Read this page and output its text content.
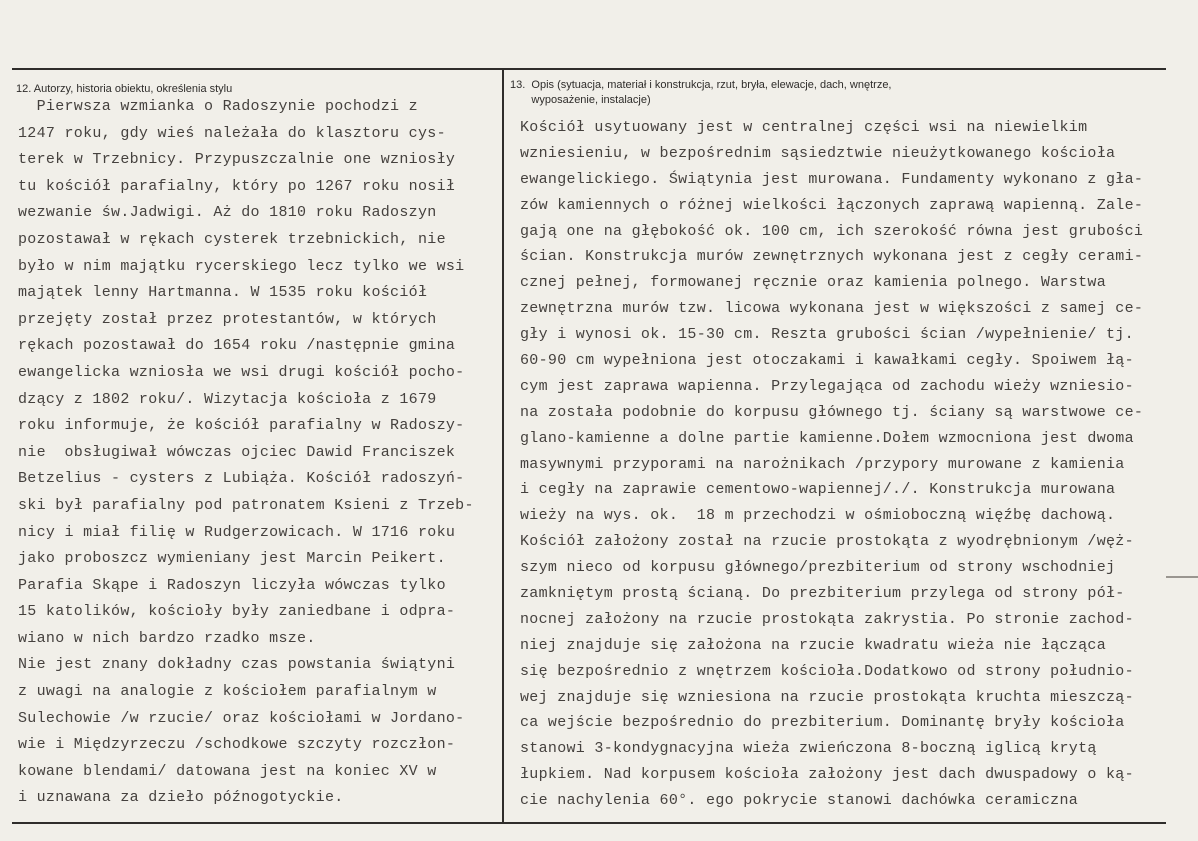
12. Autorzy, historia obiektu, określenia stylu

Pierwsza wzmianka o Radoszynie pochodzi z
1247 roku, gdy wieś należała do klasztoru cys-
terek w Trzebnicy. Przypuszczalnie one wzniosły
tu kościół parafialny, który po 1267 roku nosił
wezwanie św.Jadwigi. Aż do 1810 roku Radoszyn
pozostawał w rękach cysterek trzebnickich, nie
było w nim majątku rycerskiego lecz tylko we wsi
majątek lenny Hartmanna. W 1535 roku kościół
przejęty został przez protestantów, w których
rękach pozostawał do 1654 roku /następnie gmina
ewangelicka wzniosła we wsi drugi kościół pocho-
dzący z 1802 roku/. Wizytacja kościoła z 1679
roku informuje, że kościół parafialny w Radoszy-
nie  obsługiwał wówczas ojciec Dawid Franciszek
Betzelius - cysters z Lubiąża. Kościół radoszyń-
ski był parafialny pod patronatem Ksieni z Trzeb-
nicy i miał filię w Rudgerzowicach. W 1716 roku
jako proboszcz wymieniany jest Marcin Peikert.
Parafia Skąpe i Radoszyn liczyła wówczas tylko
15 katolików, kościoły były zaniedbane i odpra-
wiano w nich bardzo rzadko msze.
Nie jest znany dokładny czas powstania świątyni
z uwagi na analogie z kościołem parafialnym w
Sulechowie /w rzucie/ oraz kościołami w Jordano-
wie i Międzyrzeczu /schodkowe szczyty rozczłon-
kowane blendami/ datowana jest na koniec XV w
i uznawana za dzieło późnogotyckie.
13.  Opis (sytuacja, materiał i konstrukcja, rzut, bryła, elewacje, dach, wnętrze,
wyposażenie, instalacje)
Kościół usytuowany jest w centralnej części wsi na niewielkim
wzniesieniu, w bezpośrednim sąsiedztwie nieużytkowanego kościoła
ewangelickiego. Świątynia jest murowana. Fundamenty wykonano z gła-
zów kamiennych o różnej wielkości łączonych zaprawą wapienną. Zale-
gają one na głębokość ok. 100 cm, ich szerokość równa jest grubości
ścian. Konstrukcja murów zewnętrznych wykonana jest z cegły cerami-
cznej pełnej, formowanej ręcznie oraz kamienia polnego. Warstwa
zewnętrzna murów tzw. licowa wykonana jest w większości z samej ce-
gły i wynosi ok. 15-30 cm. Reszta grubości ścian /wypełnienie/ tj.
60-90 cm wypełniona jest otoczakami i kawałkami cegły. Spoiwem łą-
cym jest zaprawa wapienna. Przylegająca od zachodu wieży wzniesio-
na została podobnie do korpusu głównego tj. ściany są warstwowe ce-
glano-kamienne a dolne partie kamienne.Dołem wzmocniona jest dwoma
masywnymi przyporami na narożnikach /przypory murowane z kamienia
i cegły na zaprawie cementowo-wapiennej/./. Konstrukcja murowana
wieży na wys. ok.  18 m przechodzi w ośmioboczną więźbę dachową.
Kościół założony został na rzucie prostokąta z wyodrębnionym /węż-
szym nieco od korpusu głównego/prezbiterium od strony wschodniej
zamkniętym prostą ścianą. Do prezbiterium przylega od strony pół-
nocnej założony na rzucie prostokąta zakrystia. Po stronie zachod-
niej znajduje się założona na rzucie kwadratu wieża nie łącząca
się bezpośrednio z wnętrzem kościoła.Dodatkowo od strony południo-
wej znajduje się wzniesiona na rzucie prostokąta kruchta mieszczą-
ca wejście bezpośrednio do prezbiterium. Dominantę bryły kościoła
stanowi 3-kondygnacyjna wieża zwieńczona 8-boczną iglicą krytą
łupkiem. Nad korpusem kościoła założony jest dach dwuspadowy o ką-
cie nachylenia 60°. ego pokrycie stanowi dachówka ceramiczna
